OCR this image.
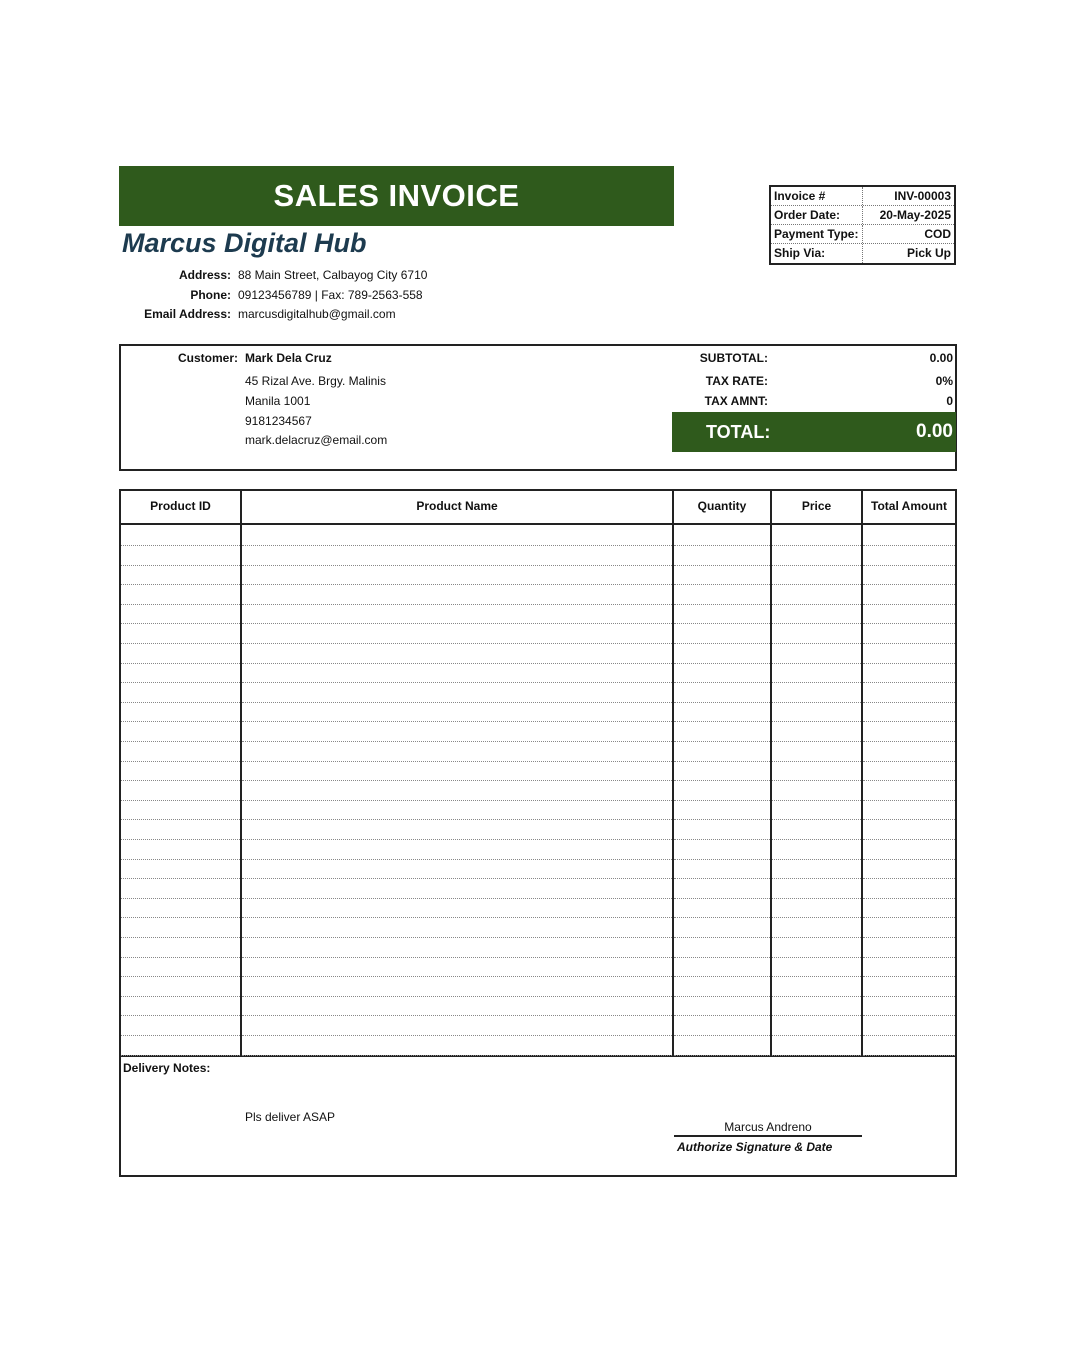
SALES INVOICE
Marcus Digital Hub
Address: 88 Main Street, Calbayog City 6710
Phone: 09123456789 | Fax: 789-2563-558
Email Address: marcusdigitalhub@gmail.com
Invoice #	INV-00003
Order Date:	20-May-2025
Payment Type:	COD
Ship Via:	Pick Up
Customer: Mark Dela Cruz
45 Rizal Ave. Brgy. Malinis
Manila 1001
9181234567
mark.delacruz@email.com
SUBTOTAL:	0.00
TAX RATE:	0%
TAX AMNT:	0
TOTAL:	0.00
Product ID	Product Name	Quantity	Price	Total Amount
Delivery Notes:
Pls deliver ASAP
Marcus Andreno
Authorize Signature & Date
